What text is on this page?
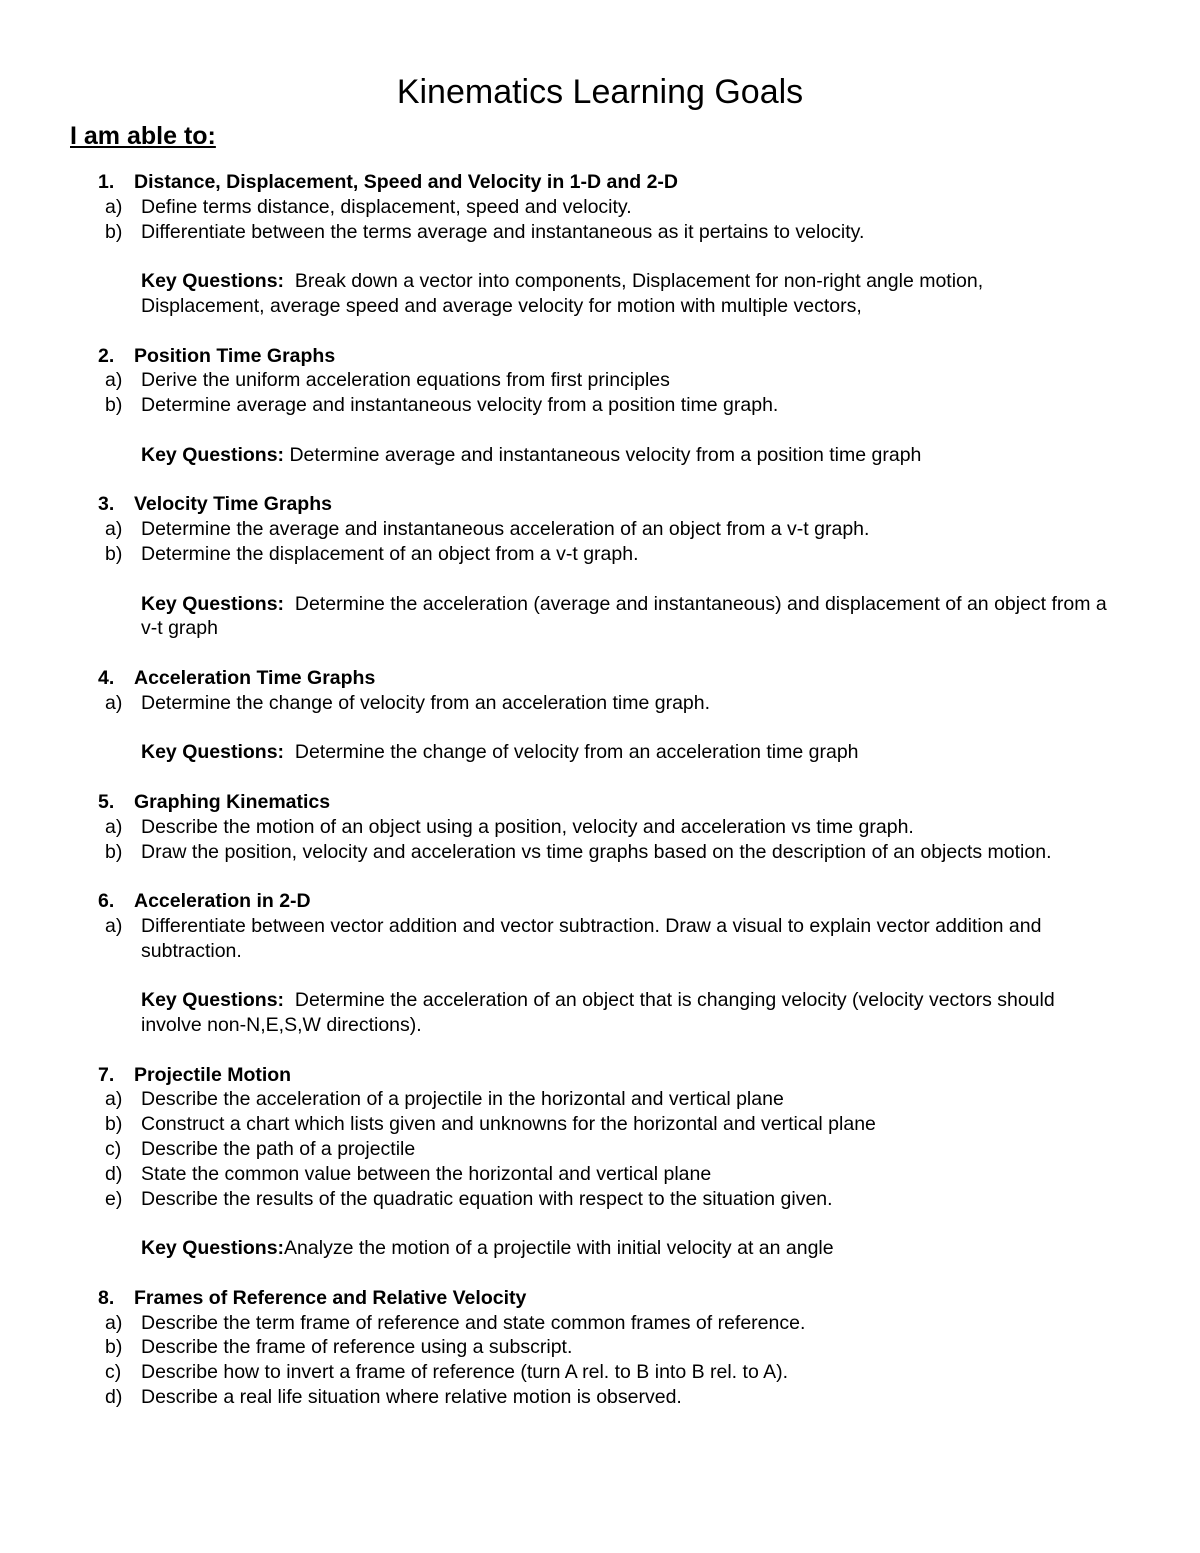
Kinematics Learning Goals
I am able to:
1. Distance, Displacement, Speed and Velocity in 1-D and 2-D
a) Define terms distance, displacement, speed and velocity.
b) Differentiate between the terms average and instantaneous as it pertains to velocity.
Key Questions:  Break down a vector into components, Displacement for non-right angle motion, Displacement, average speed and average velocity for motion with multiple vectors,
2. Position Time Graphs
a) Derive the uniform acceleration equations from first principles
b) Determine average and instantaneous velocity from a position time graph.
Key Questions: Determine average and instantaneous velocity from a position time graph
3. Velocity Time Graphs
a) Determine the average and instantaneous acceleration of an object from a v-t graph.
b) Determine the displacement of an object from a v-t graph.
Key Questions:  Determine the acceleration (average and instantaneous) and displacement of an object from a v-t graph
4. Acceleration Time Graphs
a) Determine the change of velocity from an acceleration time graph.
Key Questions:  Determine the change of velocity from an acceleration time graph
5. Graphing Kinematics
a) Describe the motion of an object using a position, velocity and acceleration vs time graph.
b) Draw the position, velocity and acceleration vs time graphs based on the description of an objects motion.
6. Acceleration in 2-D
a) Differentiate between vector addition and vector subtraction. Draw a visual to explain vector addition and subtraction.
Key Questions:  Determine the acceleration of an object that is changing velocity (velocity vectors should involve non-N,E,S,W directions).
7. Projectile Motion
a) Describe the acceleration of a projectile in the horizontal and vertical plane
b) Construct a chart which lists given and unknowns for the horizontal and vertical plane
c) Describe the path of a projectile
d) State the common value between the horizontal and vertical plane
e) Describe the results of the quadratic equation with respect to the situation given.
Key Questions:Analyze the motion of a projectile with initial velocity at an angle
8. Frames of Reference and Relative Velocity
a) Describe the term frame of reference and state common frames of reference.
b) Describe the frame of reference using a subscript.
c) Describe how to invert a frame of reference (turn A rel. to B into B rel. to A).
d) Describe a real life situation where relative motion is observed.
